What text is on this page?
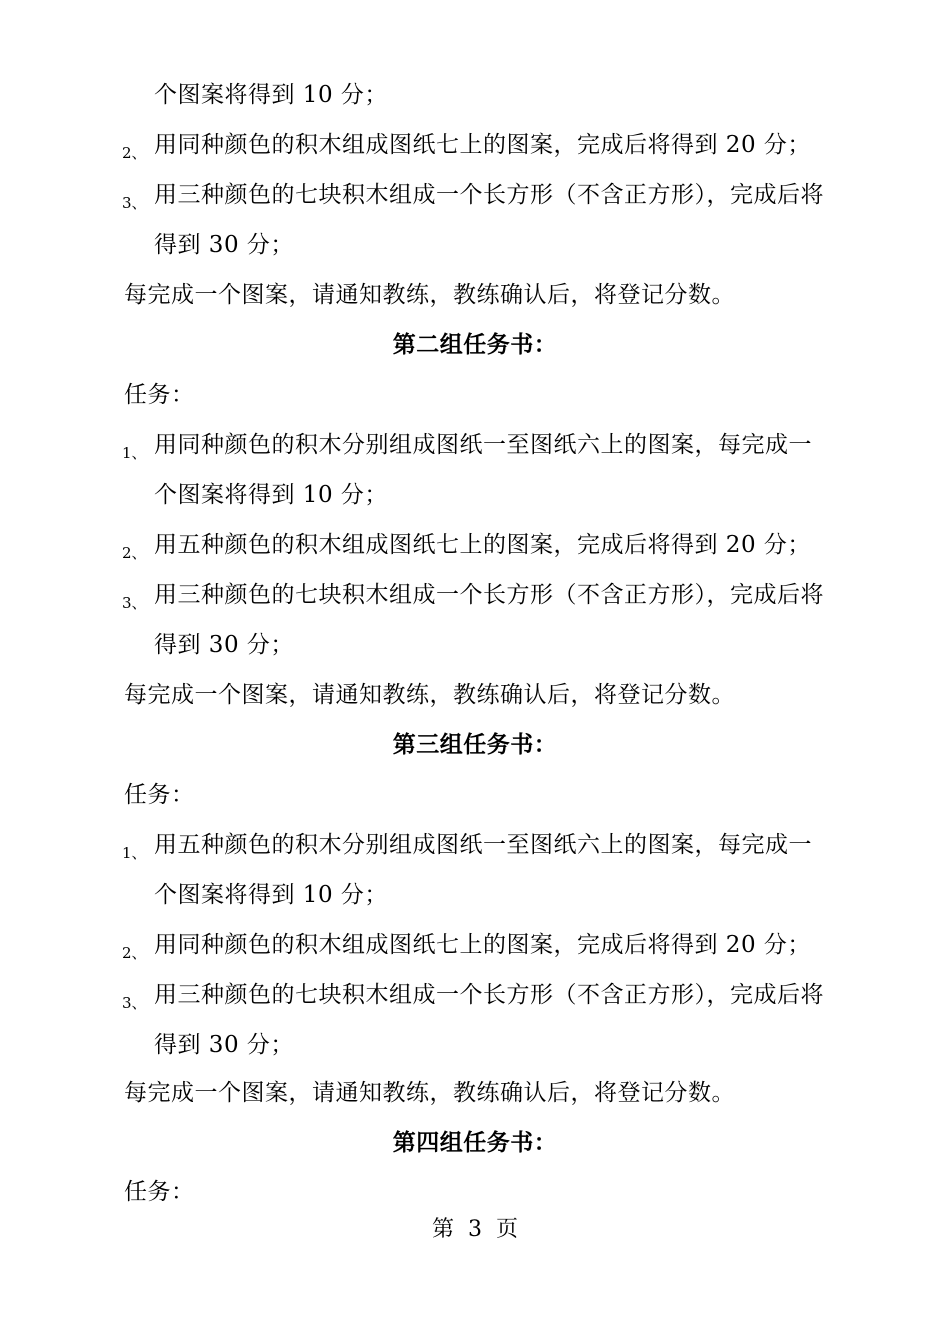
个图案将得到 10 分；
2、 用同种颜色的积木组成图纸七上的图案，完成后将得到 20 分；
3、 用三种颜色的七块积木组成一个长方形（不含正方形），完成后将
得到 30 分；
每完成一个图案，请通知教练，教练确认后，将登记分数。
第二组任务书：
任务：
1、 用同种颜色的积木分别组成图纸一至图纸六上的图案，每完成一
个图案将得到 10 分；
2、 用五种颜色的积木组成图纸七上的图案，完成后将得到 20 分；
3、 用三种颜色的七块积木组成一个长方形（不含正方形），完成后将
得到 30 分；
每完成一个图案，请通知教练，教练确认后，将登记分数。
第三组任务书：
任务：
1、 用五种颜色的积木分别组成图纸一至图纸六上的图案，每完成一
个图案将得到 10 分；
2、 用同种颜色的积木组成图纸七上的图案，完成后将得到 20 分；
3、 用三种颜色的七块积木组成一个长方形（不含正方形），完成后将
得到 30 分；
每完成一个图案，请通知教练，教练确认后，将登记分数。
第四组任务书：
任务：
第  3  页
